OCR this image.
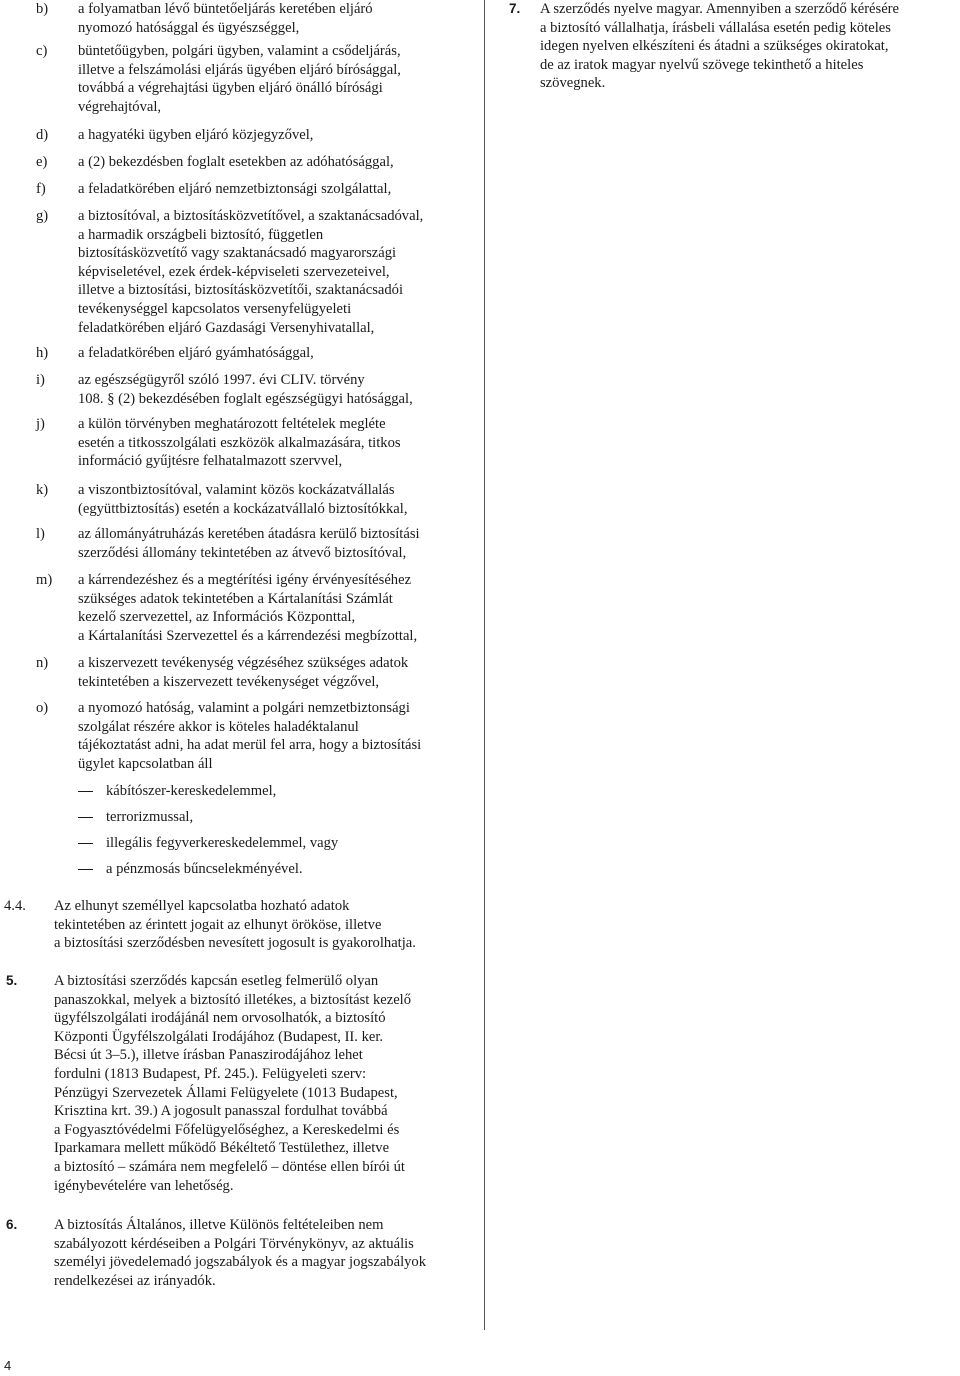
b) a folyamatban lévő büntetőeljárás keretében eljáró
nyomozó hatósággal és ügyészséggel,
c) büntetőügyben, polgári ügyben, valamint a csődeljárás,
illetve a felszámolási eljárás ügyében eljáró bírósággal,
továbbá a végrehajtási ügyben eljáró önálló bírósági
végrehajtóval,
d) a hagyatéki ügyben eljáró közjegyzővel,
e) a (2) bekezdésben foglalt esetekben az adóhatósággal,
f) a feladatkörében eljáró nemzetbiztonsági szolgálattal,
g) a biztosítóval, a biztosításközvetítővel, a szaktanácsadóval,
a harmadik országbeli biztosító, független
biztosításközvetítő vagy szaktanácsadó magyarországi
képviseletével, ezek érdek-képviseleti szervezeteivel,
illetve a biztosítási, biztosításközvetítői, szaktanácsadói
tevékenységgel kapcsolatos versenyfelügyeleti
feladatkörében eljáró Gazdasági Versenyhivatallal,
h) a feladatkörében eljáró gyámhatósággal,
i) az egészségügyről szóló 1997. évi CLIV. törvény
108. § (2) bekezdésében foglalt egészségügyi hatósággal,
j) a külön törvényben meghatározott feltételek megléte
esetén a titkosszolgálati eszközök alkalmazására, titkos
információ gyűjtésre felhatalmazott szervvel,
k) a viszontbiztosítóval, valamint közös kockázatvállalás
(együttbiztosítás) esetén a kockázatvállaló biztosítókkal,
l) az állományátruházás keretében átadásra kerülő biztosítási
szerződési állomány tekintetében az átvevő biztosítóval,
m) a kárrendezéshez és a megtérítési igény érvényesítéséhez
szükséges adatok tekintetében a Kártalanítási Számlát
kezelő szervezettel, az Információs Központtal,
a Kártalanítási Szervezettel és a kárrendezési megbízottal,
n) a kiszervezett tevékenység végzéséhez szükséges adatok
tekintetében a kiszervezett tevékenységet végzővel,
o) a nyomozó hatóság, valamint a polgári nemzetbiztonsági
szolgálat részére akkor is köteles haladéktalanul
tájékoztatást adni, ha adat merül fel arra, hogy a biztosítási
ügylet kapcsolatban áll
kábítószer-kereskedelemmel,
terrorizmussal,
illegális fegyverkereskedelemmel, vagy
a pénzmosás bűncselekményével.
4.4. Az elhunyt személlyel kapcsolatba hozható adatok
tekintetében az érintett jogait az elhunyt örököse, illetve
a biztosítási szerződésben nevesített jogosult is gyakorolhatja.
5.	A biztosítási szerződés kapcsán esetleg felmerülő olyan
panaszokkal, melyek a biztosító illetékes, a biztosítást kezelő
ügyfélszolgálati irodájánál nem orvosolhatók, a biztosító
Központi Ügyfélszolgálati Irodájához (Budapest, II. ker.
Bécsi út 3–5.), illetve írásban Panaszirodájához lehet
fordulni (1813 Budapest, Pf. 245.). Felügyeleti szerv:
Pénzügyi Szervezetek Állami Felügyelete (1013 Budapest,
Krisztina krt. 39.) A jogosult panasszal fordulhat továbbá
a Fogyasztóvédelmi Főfelügyelőséghez, a Kereskedelmi és
Iparkamara mellett működő Békéltető Testülethez, illetve
a biztosító – számára nem megfelelő – döntése ellen bírói út
igénybevételére van lehetőség.
6.	A biztosítás Általános, illetve Különös feltételeiben nem
szabályozott kérdéseiben a Polgári Törvénykönyv, az aktuális
személyi jövedelemadó jogszabályok és a magyar jogszabályok
rendelkezései az irányadók.
7. A szerződés nyelve magyar. Amennyiben a szerződő kérésére
a biztosító vállalhatja, írásbeli vállalása esetén pedig köteles
idegen nyelven elkészíteni és átadni a szükséges okiratokat,
de az iratok magyar nyelvű szövege tekinthető a hiteles
szövegnek.
4
